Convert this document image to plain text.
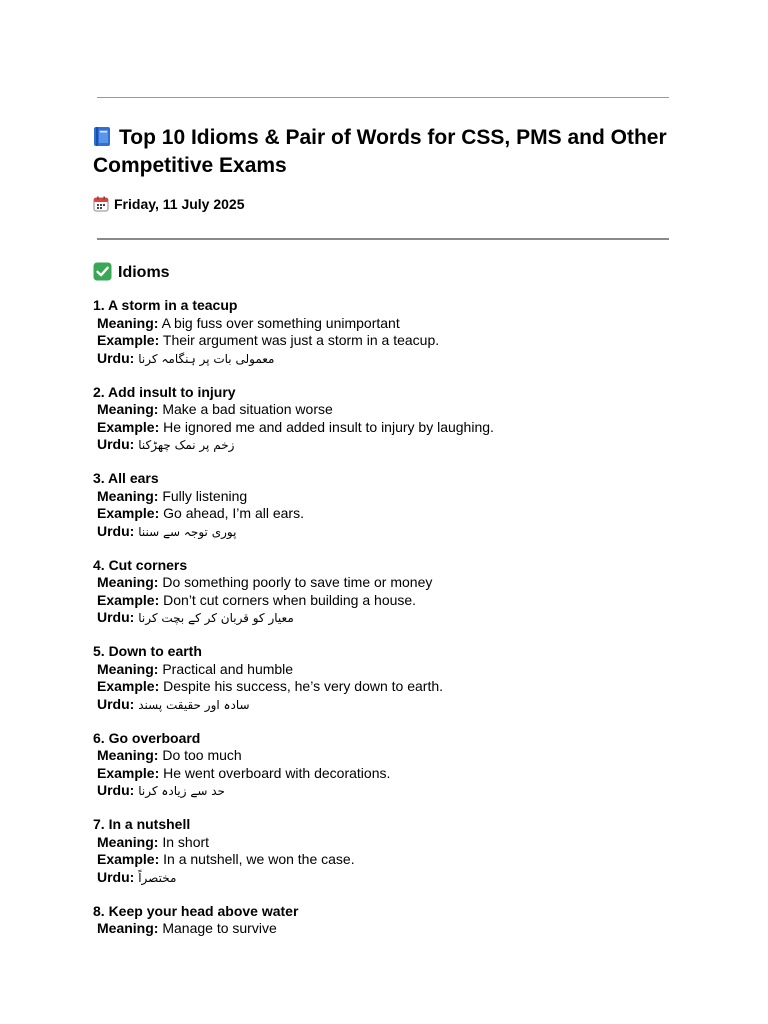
Top 10 Idioms & Pair of Words for CSS, PMS and Other Competitive Exams
Friday, 11 July 2025
Idioms
1. A storm in a teacup
Meaning: A big fuss over something unimportant
Example: Their argument was just a storm in a teacup.
Urdu: معمولی بات پر ہنگامہ کرنا
2. Add insult to injury
Meaning: Make a bad situation worse
Example: He ignored me and added insult to injury by laughing.
Urdu: زخم پر نمک چھڑکنا
3. All ears
Meaning: Fully listening
Example: Go ahead, I’m all ears.
Urdu: پوری توجہ سے سننا
4. Cut corners
Meaning: Do something poorly to save time or money
Example: Don’t cut corners when building a house.
Urdu: معیار کو قربان کر کے بچت کرنا
5. Down to earth
Meaning: Practical and humble
Example: Despite his success, he’s very down to earth.
Urdu: سادہ اور حقیقت پسند
6. Go overboard
Meaning: Do too much
Example: He went overboard with decorations.
Urdu: حد سے زیادہ کرنا
7. In a nutshell
Meaning: In short
Example: In a nutshell, we won the case.
Urdu: مختصراً
8. Keep your head above water
Meaning: Manage to survive
